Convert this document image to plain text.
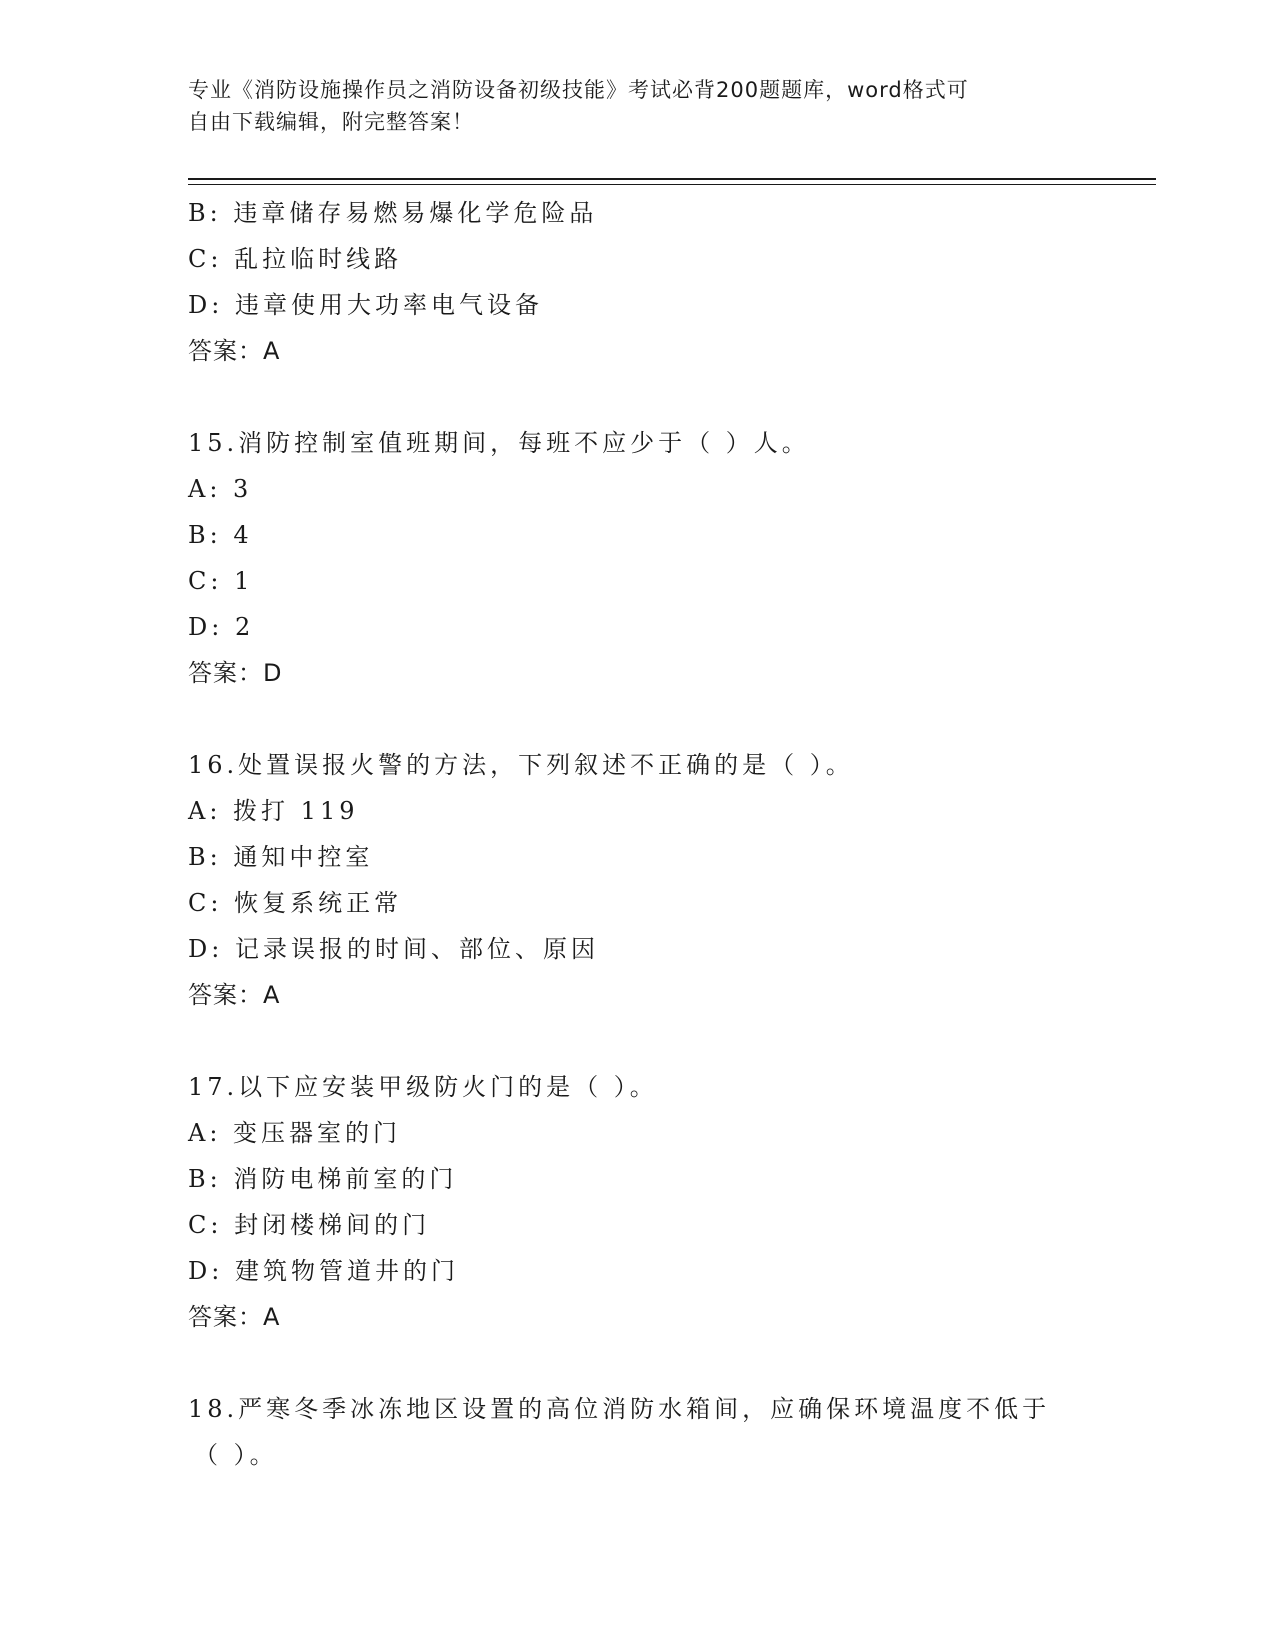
专业《消防设施操作员之消防设备初级技能》考试必背200题题库，word格式可

自由下载编辑，附完整答案！

B: 违章储存易燃易爆化学危险品
C: 乱拉临时线路
D: 违章使用大功率电气设备
答案：A
15.消防控制室值班期间，每班不应少于（ ）人。
A: 3
B: 4
C: 1
D: 2
答案：D
16.处置误报火警的方法，下列叙述不正确的是（ ）。
A: 拨打 119
B: 通知中控室
C: 恢复系统正常
D: 记录误报的时间、部位、原因
答案：A
17.以下应安装甲级防火门的是（ ）。
A: 变压器室的门
B: 消防电梯前室的门
C: 封闭楼梯间的门
D: 建筑物管道井的门
答案：A
18.严寒冬季冰冻地区设置的高位消防水箱间，应确保环境温度不低于
（ ）。
